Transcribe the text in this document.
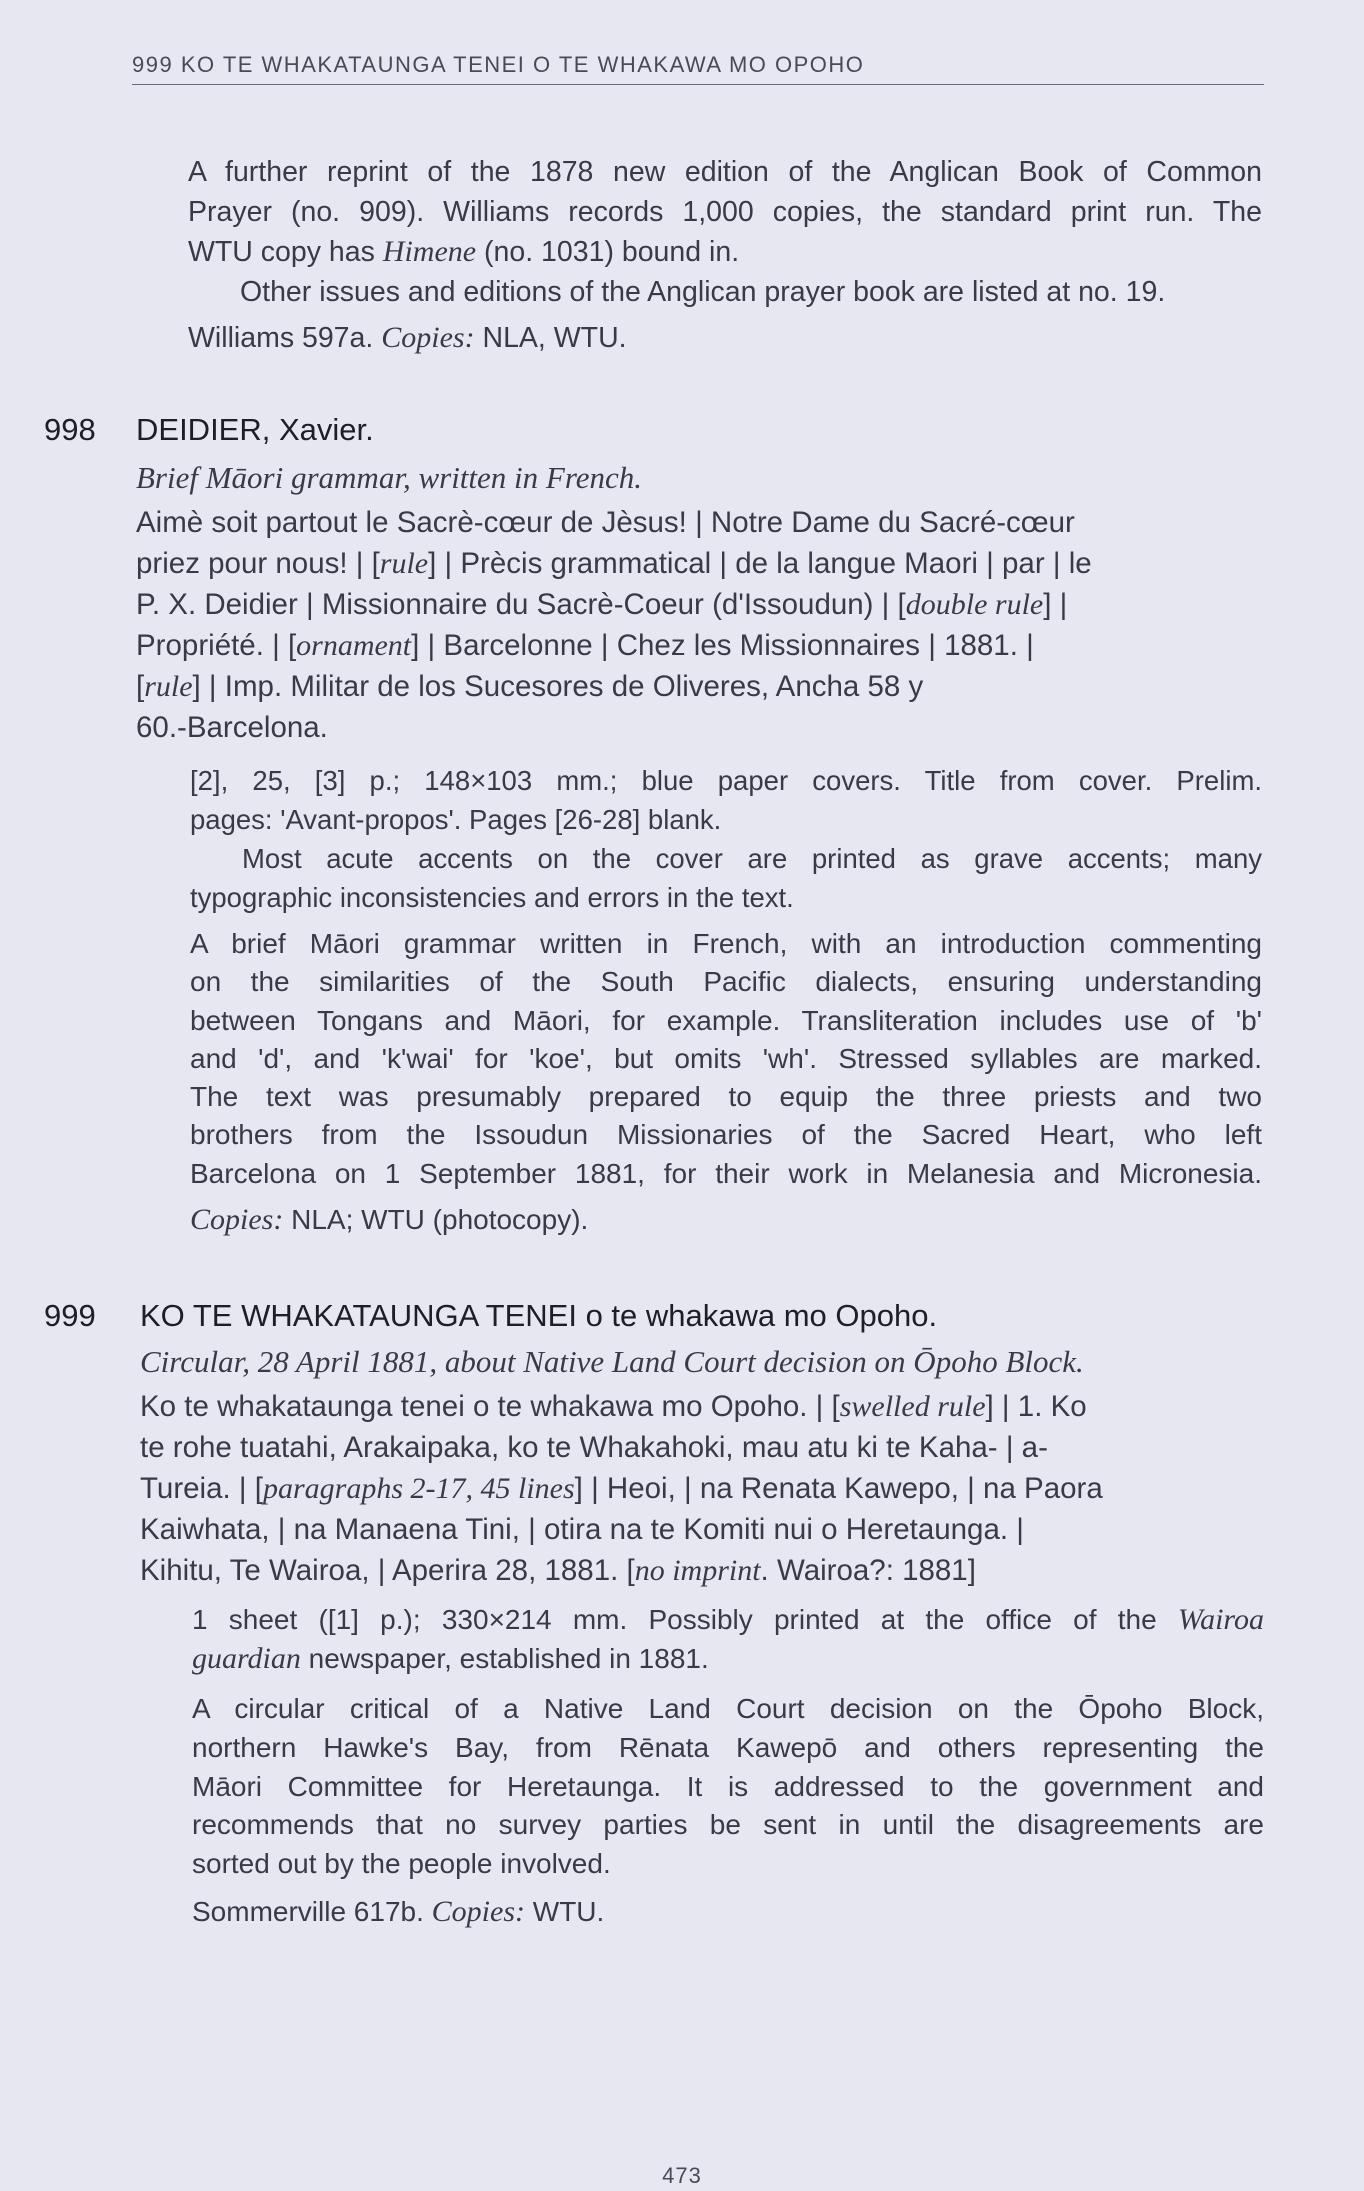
999 KO TE WHAKATAUNGA TENEI O TE WHAKAWA MO OPOHO

A further reprint of the 1878 new edition of the Anglican Book of Common

Prayer (no. 909). Williams records 1,000 copies, the standard print run. The

WTU copy has Himene (no. 1031) bound in.

Other issues and editions of the Anglican prayer book are listed at no. 19.

Williams 597a. Copies: NLA, WTU.

998 DEIDIER, Xavier.
Brief Māori grammar, written in French.

Aimè soit partout le Sacrè-cœur de Jèsus! | Notre Dame du Sacré-cœur

priez pour nous! | [rule] | Prècis grammatical | de la langue Maori | par | le

P. X. Deidier | Missionnaire du Sacrè-Coeur (d'Issoudun) | [double rule] |

Propriété. | [ornament] | Barcelonne | Chez les Missionnaires | 1881. |

[rule] | Imp. Militar de los Sucesores de Oliveres, Ancha 58 y

60.-Barcelona.

[2], 25, [3] p.; 148×103 mm.; blue paper covers. Title from cover. Prelim.

pages: 'Avant-propos'. Pages [26-28] blank.

Most acute accents on the cover are printed as grave accents; many

typographic inconsistencies and errors in the text.

A brief Māori grammar written in French, with an introduction commenting

on the similarities of the South Pacific dialects, ensuring understanding

between Tongans and Māori, for example. Transliteration includes use of 'b'

and 'd', and 'k'wai' for 'koe', but omits 'wh'. Stressed syllables are marked.

The text was presumably prepared to equip the three priests and two

brothers from the Issoudun Missionaries of the Sacred Heart, who left

Barcelona on 1 September 1881, for their work in Melanesia and Micronesia.

Copies: NLA; WTU (photocopy).

999 KO TE WHAKATAUNGA TENEI o te whakawa mo Opoho.
Circular, 28 April 1881, about Native Land Court decision on Ōpoho Block.

Ko te whakataunga tenei o te whakawa mo Opoho. | [swelled rule] | 1. Ko

te rohe tuatahi, Arakaipaka, ko te Whakahoki, mau atu ki te Kaha- | a-

Tureia. | [paragraphs 2-17, 45 lines] | Heoi, | na Renata Kawepo, | na Paora

Kaiwhata, | na Manaena Tini, | otira na te Komiti nui o Heretaunga. |

Kihitu, Te Wairoa, | Aperira 28, 1881. [no imprint. Wairoa?: 1881]

1 sheet ([1] p.); 330×214 mm. Possibly printed at the office of the Wairoa

guardian newspaper, established in 1881.

A circular critical of a Native Land Court decision on the Ōpoho Block,

northern Hawke's Bay, from Rēnata Kawepō and others representing the

Māori Committee for Heretaunga. It is addressed to the government and

recommends that no survey parties be sent in until the disagreements are

sorted out by the people involved.

Sommerville 617b. Copies: WTU.

473
